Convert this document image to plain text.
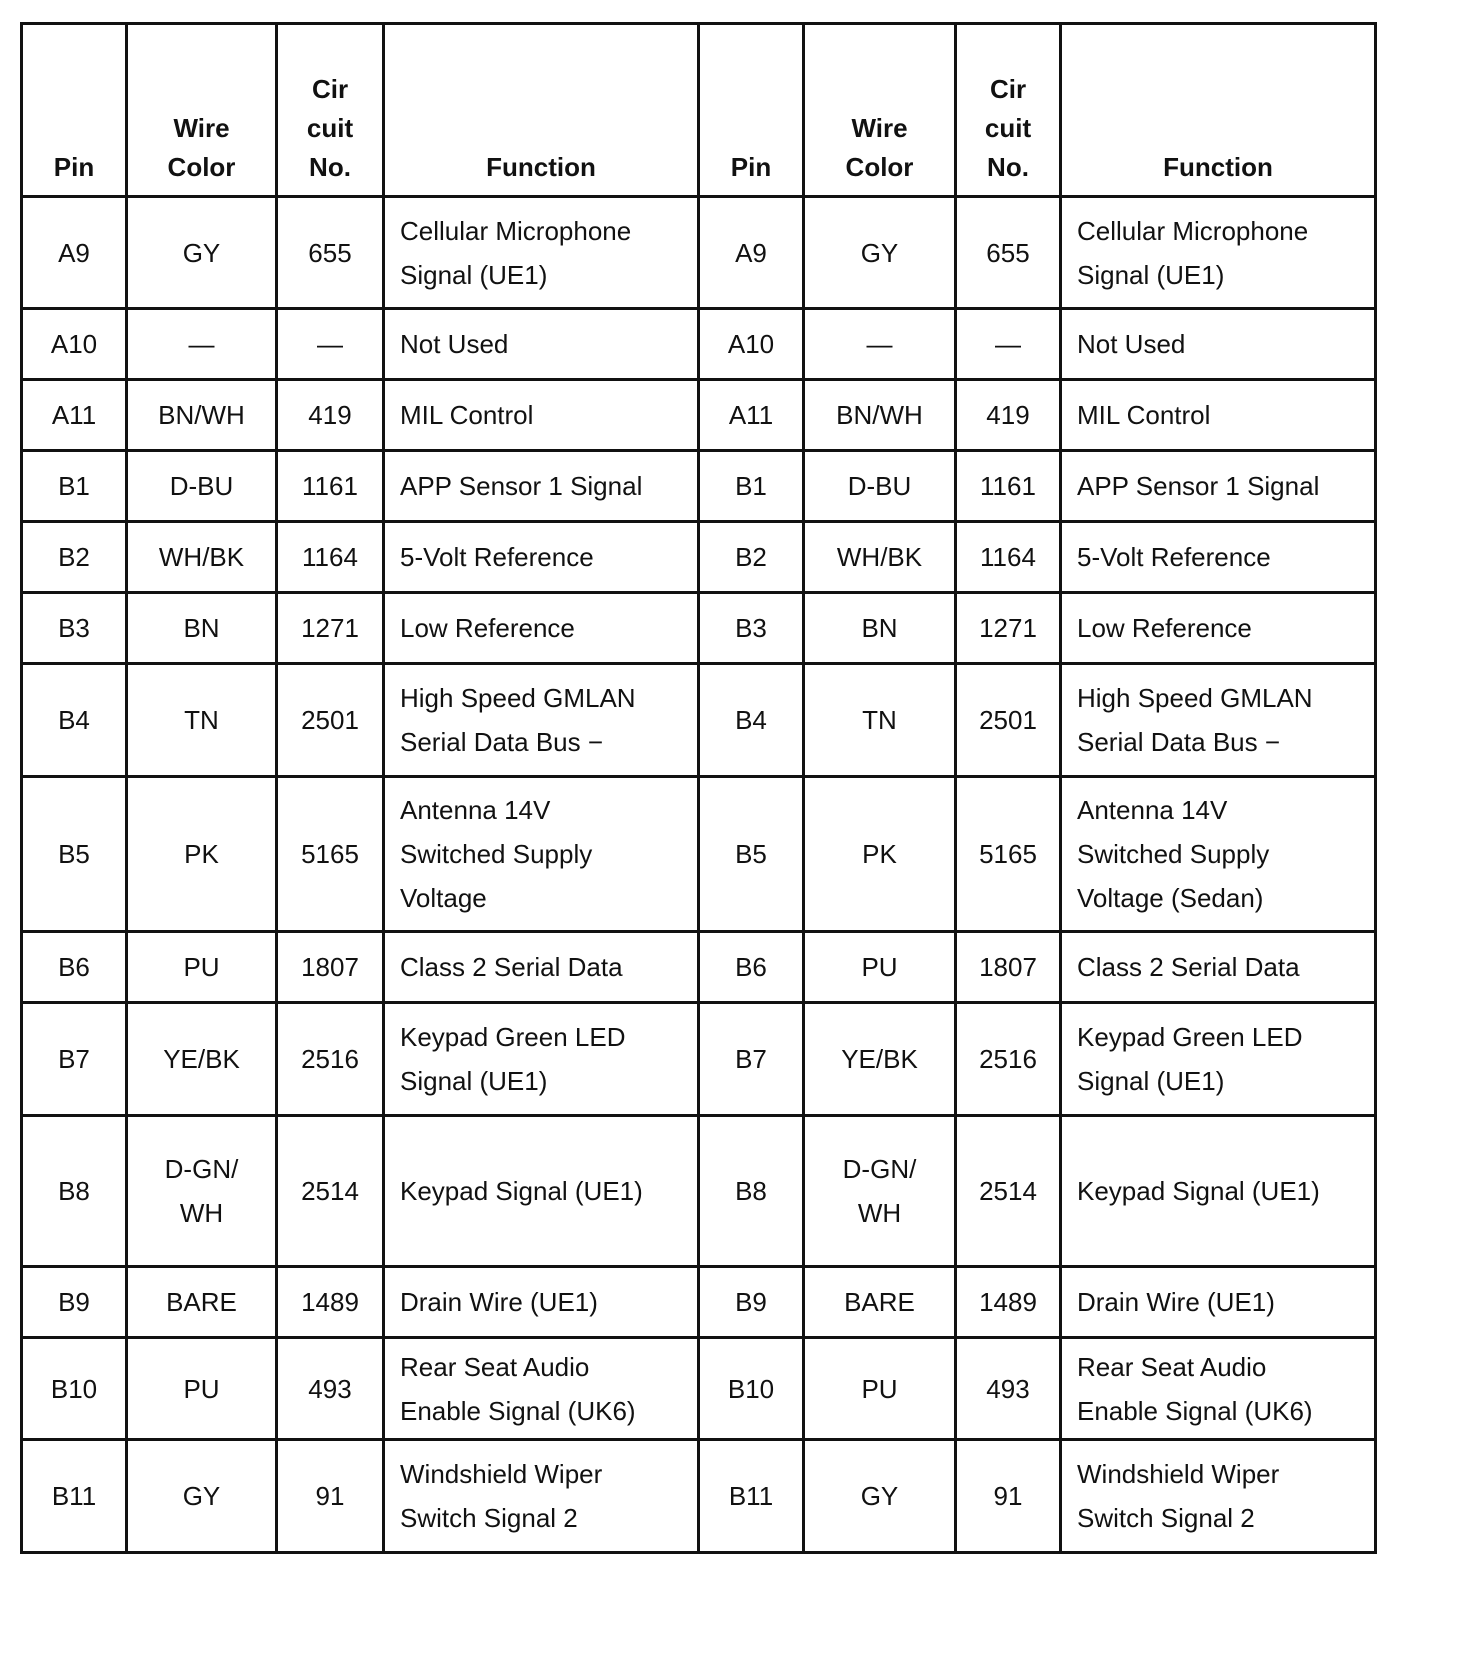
Pin	Wire
Color	Cir
cuit
No.	Function	Pin	Wire
Color	Cir
cuit
No.	Function

A9	GY	655	Cellular Microphone
Signal (UE1)	A9	GY	655	Cellular Microphone
Signal (UE1)

A10	—	—	Not Used	A10	—	—	Not Used

A11	BN/WH	419	MIL Control	A11	BN/WH	419	MIL Control

B1	D-BU	1161	APP Sensor 1 Signal	B1	D-BU	1161	APP Sensor 1 Signal

B2	WH/BK	1164	5-Volt Reference	B2	WH/BK	1164	5-Volt Reference

B3	BN	1271	Low Reference	B3	BN	1271	Low Reference

B4	TN	2501	High Speed GMLAN
Serial Data Bus −	B4	TN	2501	High Speed GMLAN
Serial Data Bus −

B5	PK	5165	Antenna 14V
Switched Supply
Voltage	B5	PK	5165	Antenna 14V
Switched Supply
Voltage (Sedan)

B6	PU	1807	Class 2 Serial Data	B6	PU	1807	Class 2 Serial Data

B7	YE/BK	2516	Keypad Green LED
Signal (UE1)	B7	YE/BK	2516	Keypad Green LED
Signal (UE1)

B8	D-GN/
WH	2514	Keypad Signal (UE1)	B8	D-GN/
WH	2514	Keypad Signal (UE1)

B9	BARE	1489	Drain Wire (UE1)	B9	BARE	1489	Drain Wire (UE1)

B10	PU	493	Rear Seat Audio
Enable Signal (UK6)	B10	PU	493	Rear Seat Audio
Enable Signal (UK6)

B11	GY	91	Windshield Wiper
Switch Signal 2	B11	GY	91	Windshield Wiper
Switch Signal 2
